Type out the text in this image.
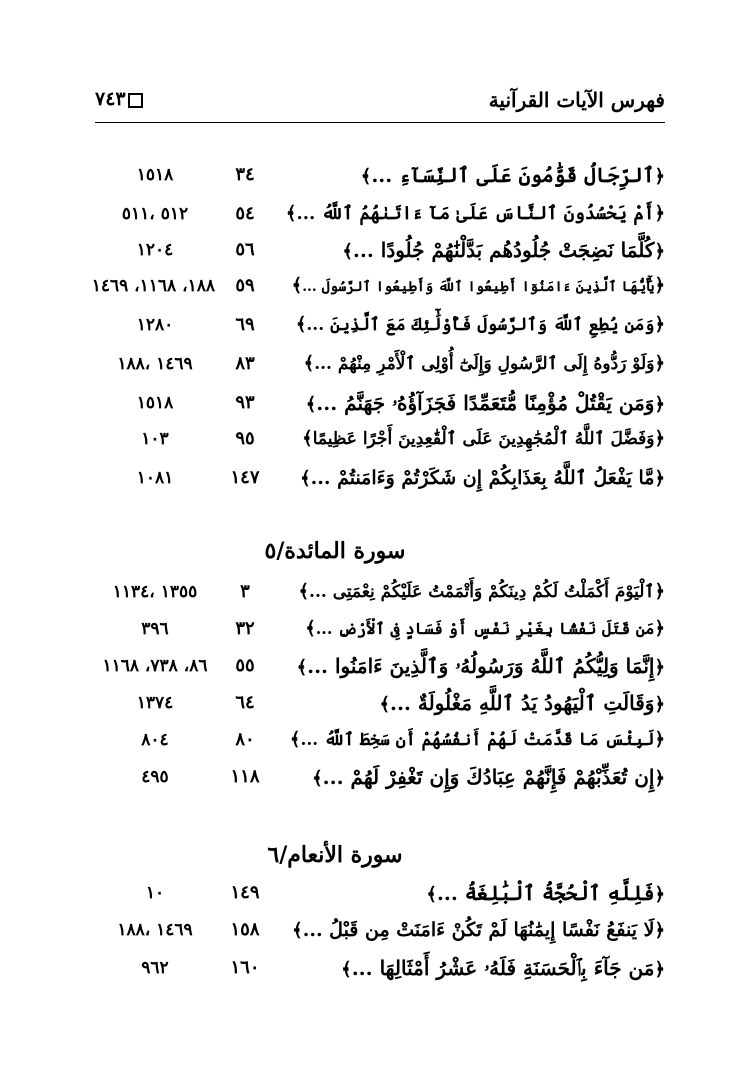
فهرس الآيات القرآنية
٧٤٣
﴿ٱلرِّجَالُ قَوَّٰمُونَ عَلَى ٱلنِّسَآءِ ...﴾
٣٤
١٥١٨
﴿أَمْ يَحْسُدُونَ ٱلنَّاسَ عَلَىٰ مَآ ءَاتَىٰهُمُ ٱللَّهُ ...﴾
٥٤
٥١٢ ،٥١١
﴿كُلَّمَا نَضِجَتْ جُلُودُهُم بَدَّلْنَٰهُمْ جُلُودًا ...﴾
٥٦
١٢٠٤
﴿يَٰٓأَيُّهَا ٱلَّذِينَ ءَامَنُوٓا أَطِيعُوا ٱللَّهَ وَأَطِيعُوا ٱلرَّسُولَ ...﴾
٥٩
١٨٨، ١١٦٨، ١٤٦٩
﴿وَمَن يُطِعِ ٱللَّهَ وَٱلرَّسُولَ فَأُوْلَٰٓئِكَ مَعَ ٱلَّذِينَ ...﴾
٦٩
١٢٨٠
﴿وَلَوْ رَدُّوهُ إِلَى ٱلرَّسُولِ وَإِلَىٰٓ أُوْلِى ٱلْأَمْرِ مِنْهُمْ ...﴾
٨٣
١٤٦٩ ،١٨٨
﴿وَمَن يَقْتُلْ مُؤْمِنًا مُّتَعَمِّدًا فَجَزَآؤُهُۥ جَهَنَّمُ ...﴾
٩٣
١٥١٨
﴿وَفَضَّلَ ٱللَّهُ ٱلْمُجَٰهِدِينَ عَلَى ٱلْقَٰعِدِينَ أَجْرًا عَظِيمًا﴾
٩٥
١٠٣
﴿مَّا يَفْعَلُ ٱللَّهُ بِعَذَابِكُمْ إِن شَكَرْتُمْ وَءَامَنتُمْ ...﴾
١٤٧
١٠٨١
سورة المائدة/٥
﴿ٱلْيَوْمَ أَكْمَلْتُ لَكُمْ دِينَكُمْ وَأَتْمَمْتُ عَلَيْكُمْ نِعْمَتِى ...﴾
٣
١٣٥٥ ،١١٣٤
﴿مَن قَتَلَ نَفْسًۢا بِغَيْرِ نَفْسٍ أَوْ فَسَادٍ فِى ٱلْأَرْضِ ...﴾
٣٢
٣٩٦
﴿إِنَّمَا وَلِيُّكُمُ ٱللَّهُ وَرَسُولُهُۥ وَٱلَّذِينَ ءَامَنُوا ...﴾
٥٥
٨٦، ٧٣٨، ١١٦٨
﴿وَقَالَتِ ٱلْيَهُودُ يَدُ ٱللَّهِ مَغْلُولَةٌ ...﴾
٦٤
١٣٧٤
﴿لَبِئْسَ مَا قَدَّمَتْ لَهُمْ أَنفُسُهُمْ أَن سَخِطَ ٱللَّهُ ...﴾
٨٠
٨٠٤
﴿إِن تُعَذِّبْهُمْ فَإِنَّهُمْ عِبَادُكَ وَإِن تَغْفِرْ لَهُمْ ...﴾
١١٨
٤٩٥
سورة الأنعام/٦
﴿فَلِلَّهِ ٱلْحُجَّةُ ٱلْبَٰلِغَةُ ...﴾
١٤٩
١٠
﴿لَا يَنفَعُ نَفْسًا إِيمَٰنُهَا لَمْ تَكُنْ ءَامَنَتْ مِن قَبْلُ ...﴾
١٥٨
١٤٦٩ ،١٨٨
﴿مَن جَآءَ بِٱلْحَسَنَةِ فَلَهُۥ عَشْرُ أَمْثَالِهَا ...﴾
١٦٠
٩٦٢
